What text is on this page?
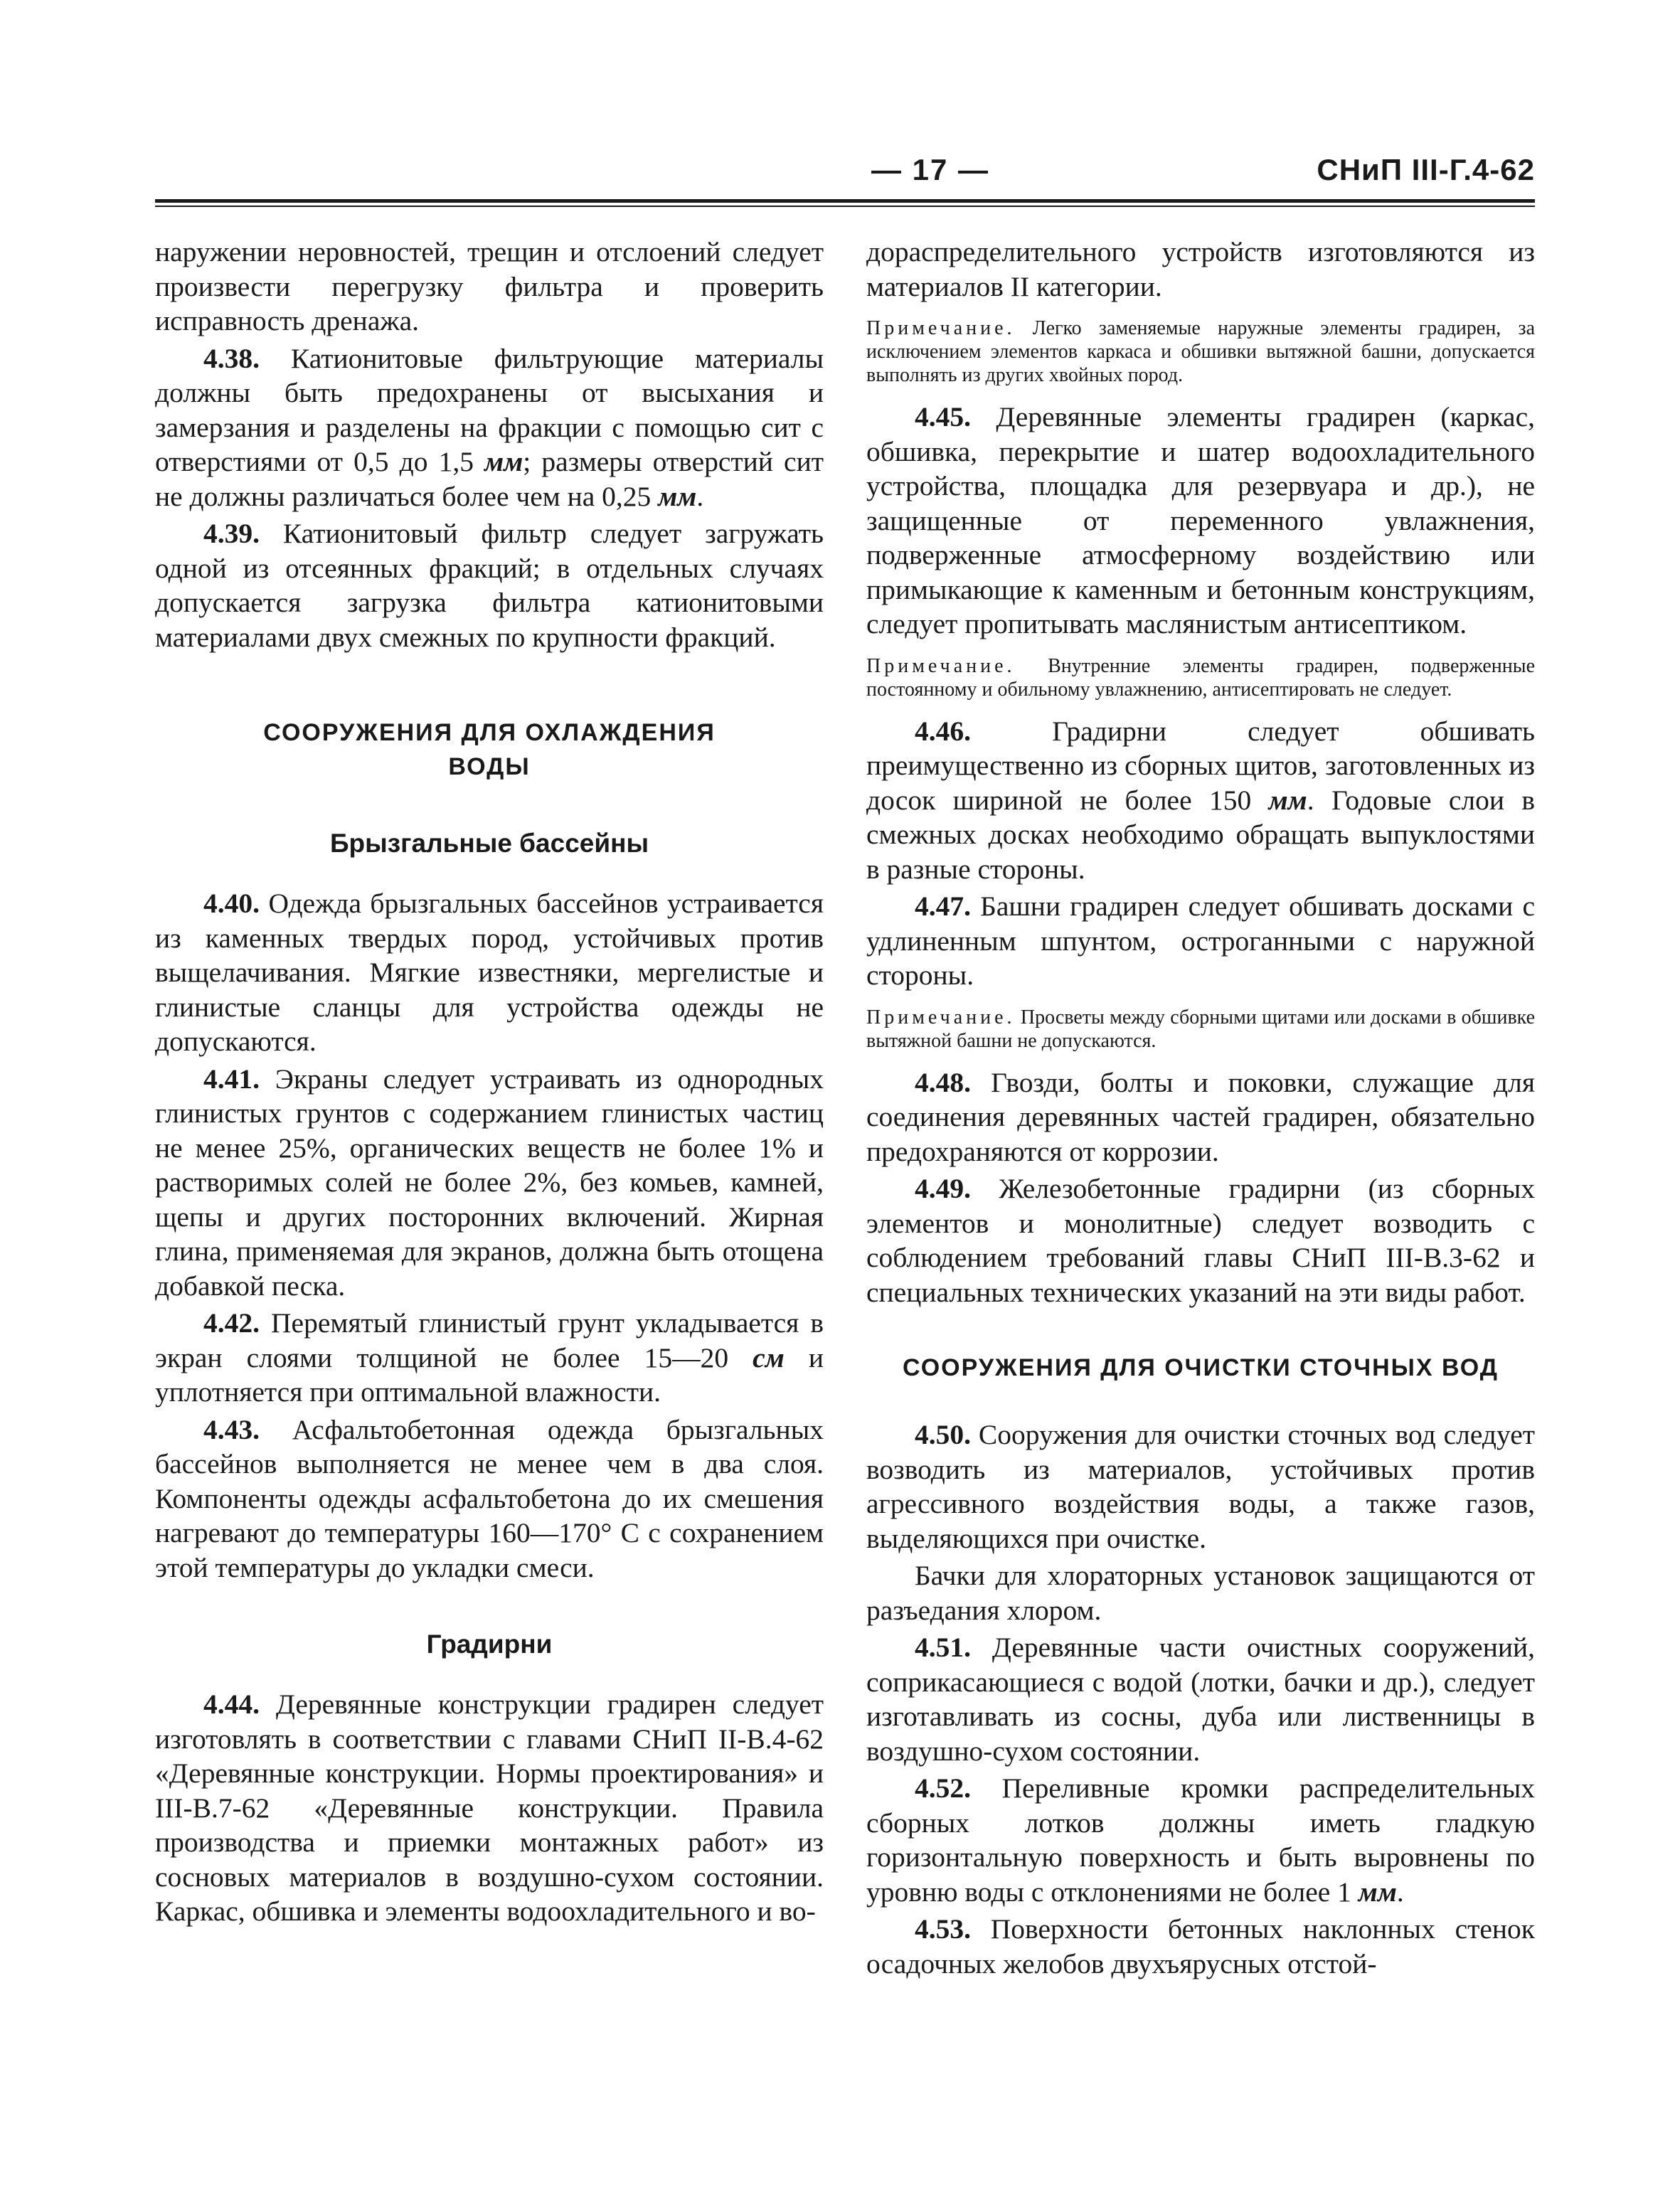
— 17 —	СНиП III-Г.4-62

наружении неровностей, трещин и отслоений следует произвести перегрузку фильтра и проверить исправность дренажа.

4.38. Катионитовые фильтрующие материалы должны быть предохранены от высыхания и замерзания и разделены на фракции с помощью сит с отверстиями от 0,5 до 1,5 мм; размеры отверстий сит не должны различаться более чем на 0,25 мм.

4.39. Катионитовый фильтр следует загружать одной из отсеянных фракций; в отдельных случаях допускается загрузка фильтра катионитовыми материалами двух смежных по крупности фракций.

СООРУЖЕНИЯ ДЛЯ ОХЛАЖДЕНИЯ
ВОДЫ
Брызгальные бассейны

4.40. Одежда брызгальных бассейнов устраивается из каменных твердых пород, устойчивых против выщелачивания. Мягкие известняки, мергелистые и глинистые сланцы для устройства одежды не допускаются.

4.41. Экраны следует устраивать из однородных глинистых грунтов с содержанием глинистых частиц не менее 25%, органических веществ не более 1% и растворимых солей не более 2%, без комьев, камней, щепы и других посторонних включений. Жирная глина, применяемая для экранов, должна быть отощена добавкой песка.

4.42. Перемятый глинистый грунт укладывается в экран слоями толщиной не более 15—20 см и уплотняется при оптимальной влажности.

4.43. Асфальтобетонная одежда брызгальных бассейнов выполняется не менее чем в два слоя. Компоненты одежды асфальтобетона до их смешения нагревают до температуры 160—170° С с сохранением этой температуры до укладки смеси.

Градирни

4.44. Деревянные конструкции градирен следует изготовлять в соответствии с главами СНиП II-В.4-62 «Деревянные конструкции. Нормы проектирования» и III-В.7-62 «Деревянные конструкции. Правила производства и приемки монтажных работ» из сосновых материалов в воздушно-сухом состоянии. Каркас, обшивка и элементы водоохладительного и во-

дораспределительного устройств изготовляются из материалов II категории.

Примечание. Легко заменяемые наружные элементы градирен, за исключением элементов каркаса и обшивки вытяжной башни, допускается выполнять из других хвойных пород.

4.45. Деревянные элементы градирен (каркас, обшивка, перекрытие и шатер водоохладительного устройства, площадка для резервуара и др.), не защищенные от переменного увлажнения, подверженные атмосферному воздействию или примыкающие к каменным и бетонным конструкциям, следует пропитывать маслянистым антисептиком.

Примечание. Внутренние элементы градирен, подверженные постоянному и обильному увлажнению, антисептировать не следует.

4.46. Градирни следует обшивать преимущественно из сборных щитов, заготовленных из досок шириной не более 150 мм. Годовые слои в смежных досках необходимо обращать выпуклостями в разные стороны.

4.47. Башни градирен следует обшивать досками с удлиненным шпунтом, остроганными с наружной стороны.

Примечание. Просветы между сборными щитами или досками в обшивке вытяжной башни не допускаются.

4.48. Гвозди, болты и поковки, служащие для соединения деревянных частей градирен, обязательно предохраняются от коррозии.

4.49. Железобетонные градирни (из сборных элементов и монолитные) следует возводить с соблюдением требований главы СНиП III-В.3-62 и специальных технических указаний на эти виды работ.

СООРУЖЕНИЯ ДЛЯ ОЧИСТКИ СТОЧНЫХ ВОД

4.50. Сооружения для очистки сточных вод следует возводить из материалов, устойчивых против агрессивного воздействия воды, а также газов, выделяющихся при очистке.

Бачки для хлораторных установок защищаются от разъедания хлором.

4.51. Деревянные части очистных сооружений, соприкасающиеся с водой (лотки, бачки и др.), следует изготавливать из сосны, дуба или лиственницы в воздушно-сухом состоянии.

4.52. Переливные кромки распределительных сборных лотков должны иметь гладкую горизонтальную поверхность и быть выровнены по уровню воды с отклонениями не более 1 мм.

4.53. Поверхности бетонных наклонных стенок осадочных желобов двухъярусных отстой-
